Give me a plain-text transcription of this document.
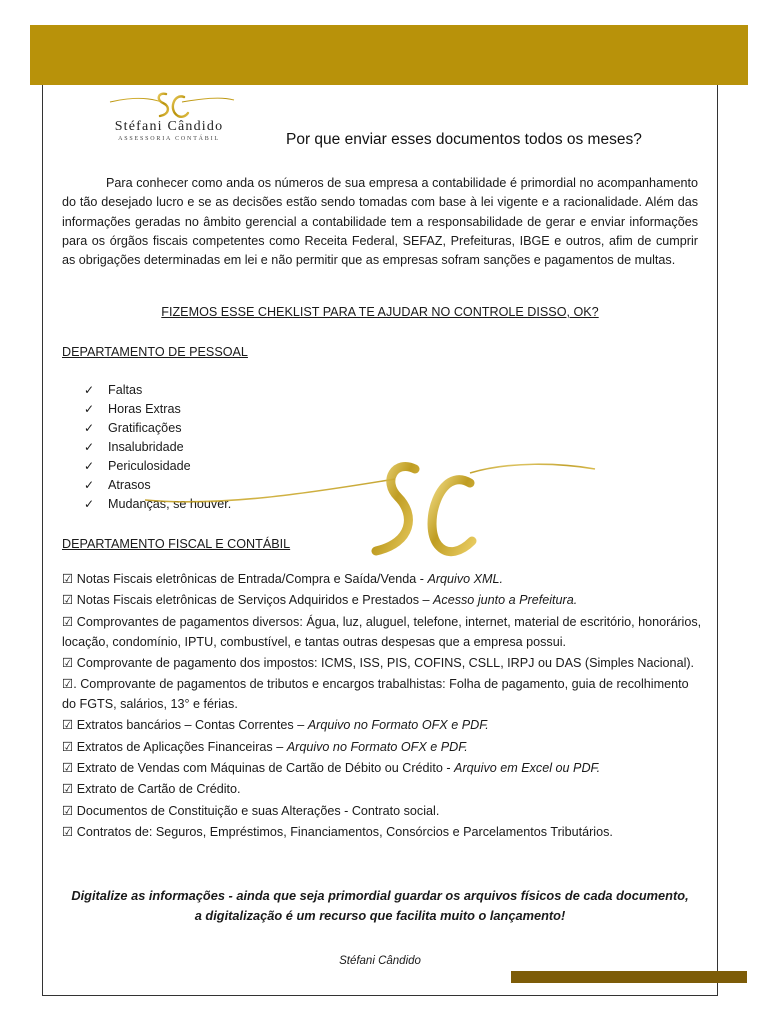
Stéfani Cândido
ASSESSORIA CONTÁBIL	Por que enviar esses documentos todos os meses?

Para conhecer como anda os números de sua empresa a contabilidade é primordial no acompanhamento do tão desejado lucro e se as decisões estão sendo tomadas com base à lei vigente e a racionalidade. Além das informações geradas no âmbito gerencial a contabilidade tem a responsabilidade de gerar e enviar informações para os órgãos fiscais competentes como Receita Federal, SEFAZ, Prefeituras, IBGE e outros, afim de cumprir as obrigações determinadas em lei e não permitir que as empresas sofram sanções e pagamentos de multas.

FIZEMOS ESSE CHEKLIST PARA TE AJUDAR NO CONTROLE DISSO, OK?
DEPARTAMENTO DE PESSOAL
✓ Faltas
✓ Horas Extras
✓ Gratificações
✓ Insalubridade
✓ Periculosidade
✓ Atrasos
✓ Mudanças, se houver.
DEPARTAMENTO FISCAL E CONTÁBIL
☑ Notas Fiscais eletrônicas de Entrada/Compra e Saída/Venda - Arquivo XML.
☑ Notas Fiscais eletrônicas de Serviços Adquiridos e Prestados – Acesso junto a Prefeitura.
☑ Comprovantes de pagamentos diversos: Água, luz, aluguel, telefone, internet, material de escritório, honorários, locação, condomínio, IPTU, combustível, e tantas outras despesas que a empresa possui.
☑ Comprovante de pagamento dos impostos: ICMS, ISS, PIS, COFINS, CSLL, IRPJ ou DAS (Simples Nacional).
☑. Comprovante de pagamentos de tributos e encargos trabalhistas: Folha de pagamento, guia de recolhimento do FGTS, salários, 13° e férias.
☑ Extratos bancários – Contas Correntes – Arquivo no Formato OFX e PDF.
☑ Extratos de Aplicações Financeiras – Arquivo no Formato OFX e PDF.
☑ Extrato de Vendas com Máquinas de Cartão de Débito ou Crédito - Arquivo em Excel ou PDF.
☑ Extrato de Cartão de Crédito.
☑ Documentos de Constituição e suas Alterações - Contrato social.
☑ Contratos de: Seguros, Empréstimos, Financiamentos, Consórcios e Parcelamentos Tributários.

Digitalize as informações - ainda que seja primordial guardar os arquivos físicos de cada documento,
a digitalização é um recurso que facilita muito o lançamento!

Stéfani Cândido
